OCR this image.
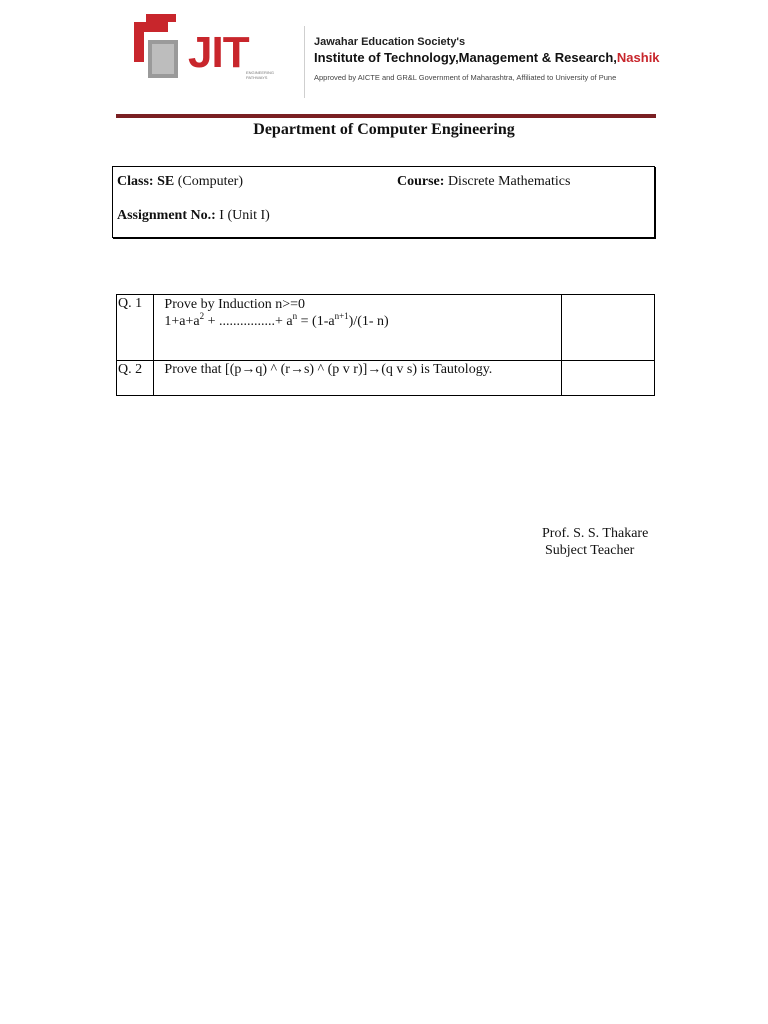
JIT
ENGINEERING PATHWAYS
Jawahar Education Society's
Institute of Technology,Management & Research,Nashik
Approved by AICTE and GR&L Government of Maharashtra, Affiliated to University of Pune
Department of Computer Engineering
Class: SE (Computer)	Course: Discrete Mathematics
Assignment No.: I (Unit I)
Q. 1	Prove by Induction n>=0
$1+a+a^2$ + ................+ $a^n = (1-a^{n+1})/(1-$ n)	

Q. 2	Prove that [(p→q) ^ (r→s) ^ (p v r)]→(q v s) is Tautology.	
Prof. S. S. Thakare
Subject Teacher
